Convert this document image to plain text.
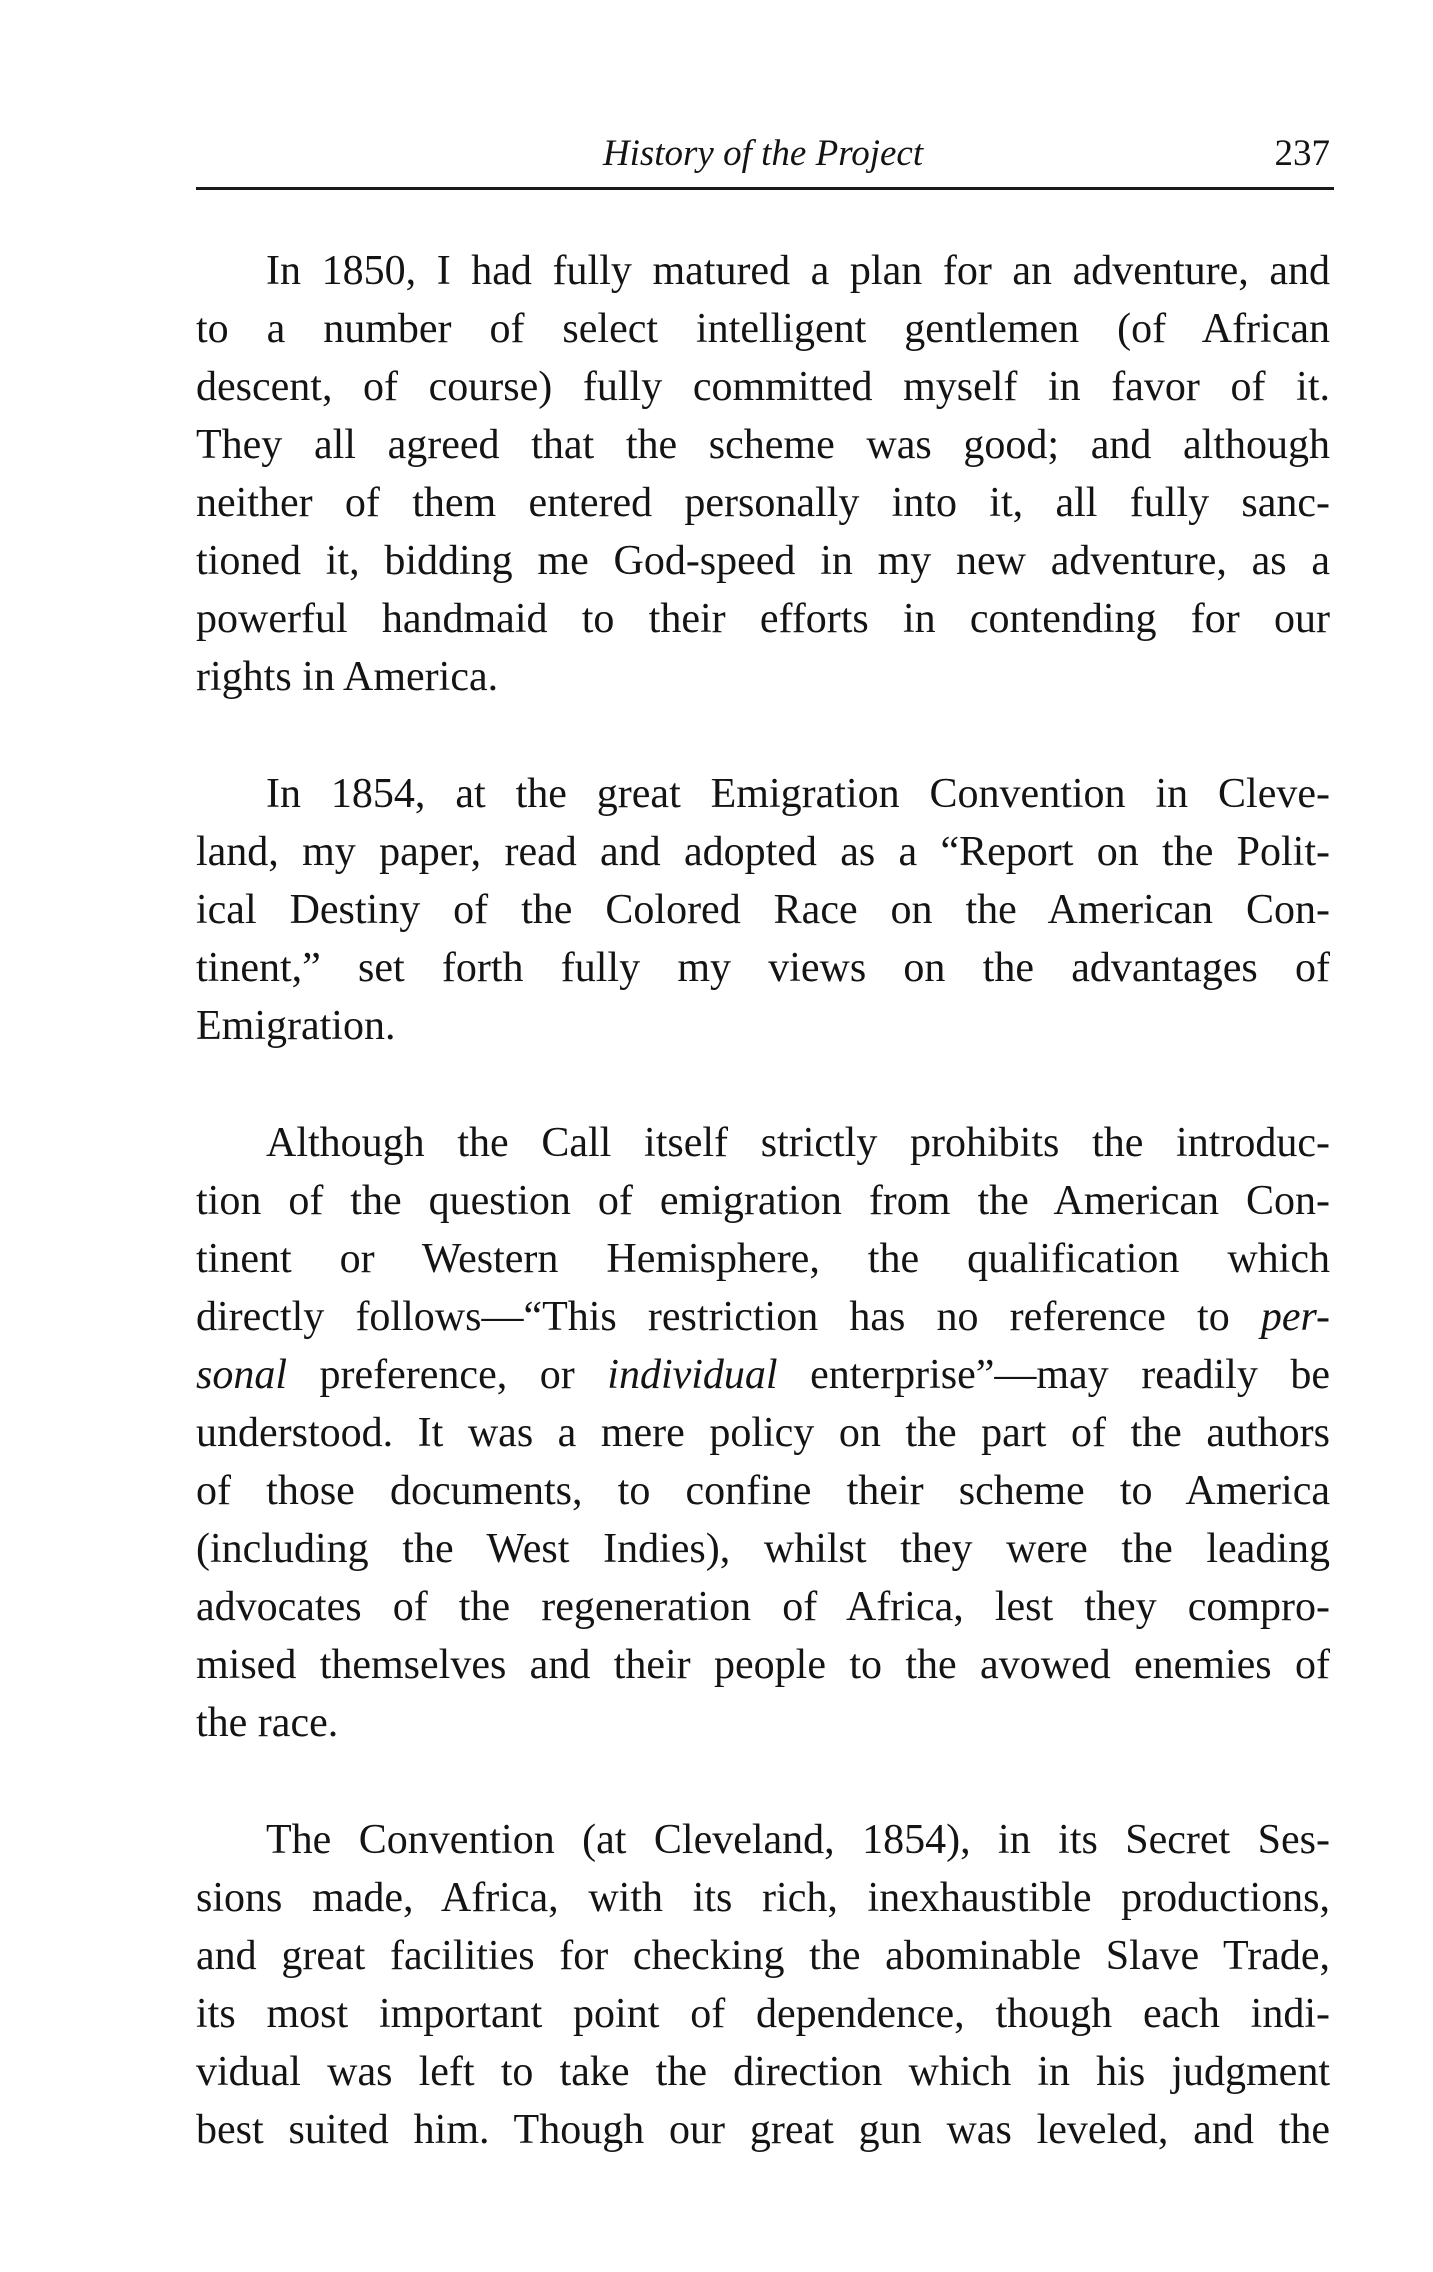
History of the Project	237
In 1850, I had fully matured a plan for an adventure, and
to a number of select intelligent gentlemen (of African
descent, of course) fully committed myself in favor of it.
They all agreed that the scheme was good; and although
neither of them entered personally into it, all fully sanc-
tioned it, bidding me God-speed in my new adventure, as a
powerful handmaid to their efforts in contending for our
rights in America.
In 1854, at the great Emigration Convention in Cleve-
land, my paper, read and adopted as a “Report on the Polit-
ical Destiny of the Colored Race on the American Con-
tinent,” set forth fully my views on the advantages of
Emigration.
Although the Call itself strictly prohibits the introduc-
tion of the question of emigration from the American Con-
tinent or Western Hemisphere, the qualification which
directly follows—“This restriction has no reference to per-
sonal preference, or individual enterprise”—may readily be
understood. It was a mere policy on the part of the authors
of those documents, to confine their scheme to America
(including the West Indies), whilst they were the leading
advocates of the regeneration of Africa, lest they compro-
mised themselves and their people to the avowed enemies of
the race.
The Convention (at Cleveland, 1854), in its Secret Ses-
sions made, Africa, with its rich, inexhaustible productions,
and great facilities for checking the abominable Slave Trade,
its most important point of dependence, though each indi-
vidual was left to take the direction which in his judgment
best suited him. Though our great gun was leveled, and the
